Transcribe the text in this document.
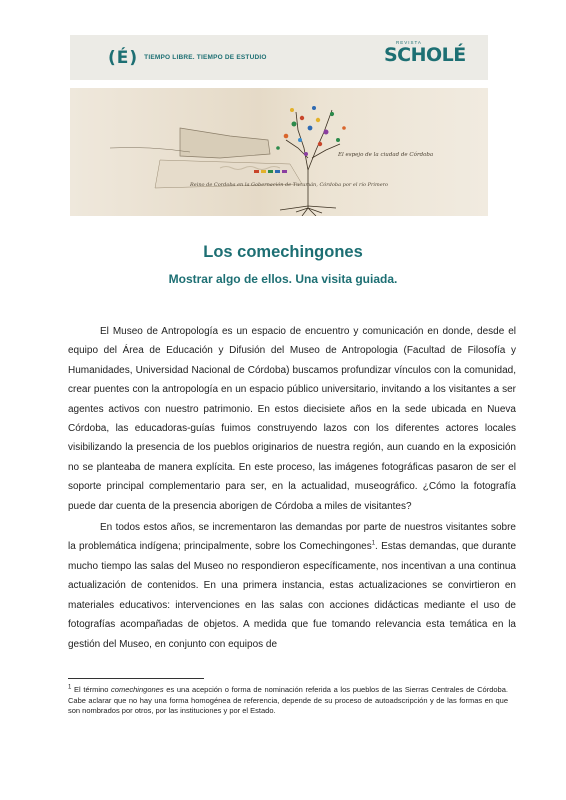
(É) TIEMPO LIBRE. TIEMPO DE ESTUDIO
REVISTA
SCHOLÉ
Reino de Cordoba en la Gobernación de Tucumán, Córdoba por el río Primero
El espejo de la ciudad de Córdoba
Los comechingones
Mostrar algo de ellos. Una visita guiada.

El Museo de Antropología es un espacio de encuentro y comunicación en donde, desde el equipo del Área de Educación y Difusión del Museo de Antropologia (Facultad de Filosofía y Humanidades, Universidad Nacional de Córdoba) buscamos profundizar vínculos con la comunidad, crear puentes con la antropología en un espacio público universitario, invitando a los visitantes a ser agentes activos con nuestro patrimonio. En estos diecisiete años en la sede ubicada en Nueva Córdoba, las educadoras-guías fuimos construyendo lazos con los diferentes actores locales visibilizando la presencia de los pueblos originarios de nuestra región, aun cuando en la exposición no se planteaba de manera explícita. En este proceso, las imágenes fotográficas pasaron de ser el soporte principal complementario para ser, en la actualidad, museográfico. ¿Cómo la fotografía puede dar cuenta de la presencia aborigen de Córdoba a miles de visitantes?

En todos estos años, se incrementaron las demandas por parte de nuestros visitantes sobre la problemática indígena; principalmente, sobre los Comechingones$^1$. Estas demandas, que durante mucho tiempo las salas del Museo no respondieron específicamente, nos incentivan a una continua actualización de contenidos. En una primera instancia, estas actualizaciones se convirtieron en materiales educativos: intervenciones en las salas con acciones didácticas mediante el uso de fotografías acompañadas de objetos. A medida que fue tomando relevancia esta temática en la gestión del Museo, en conjunto con equipos de

$^1$ El término comechingones es una acepción o forma de nominación referida a los pueblos de las Sierras Centrales de Córdoba. Cabe aclarar que no hay una forma homogénea de referencia, depende de su proceso de autoadscripción y de las formas en que son nombrados por otros, por las instituciones y por el Estado.
